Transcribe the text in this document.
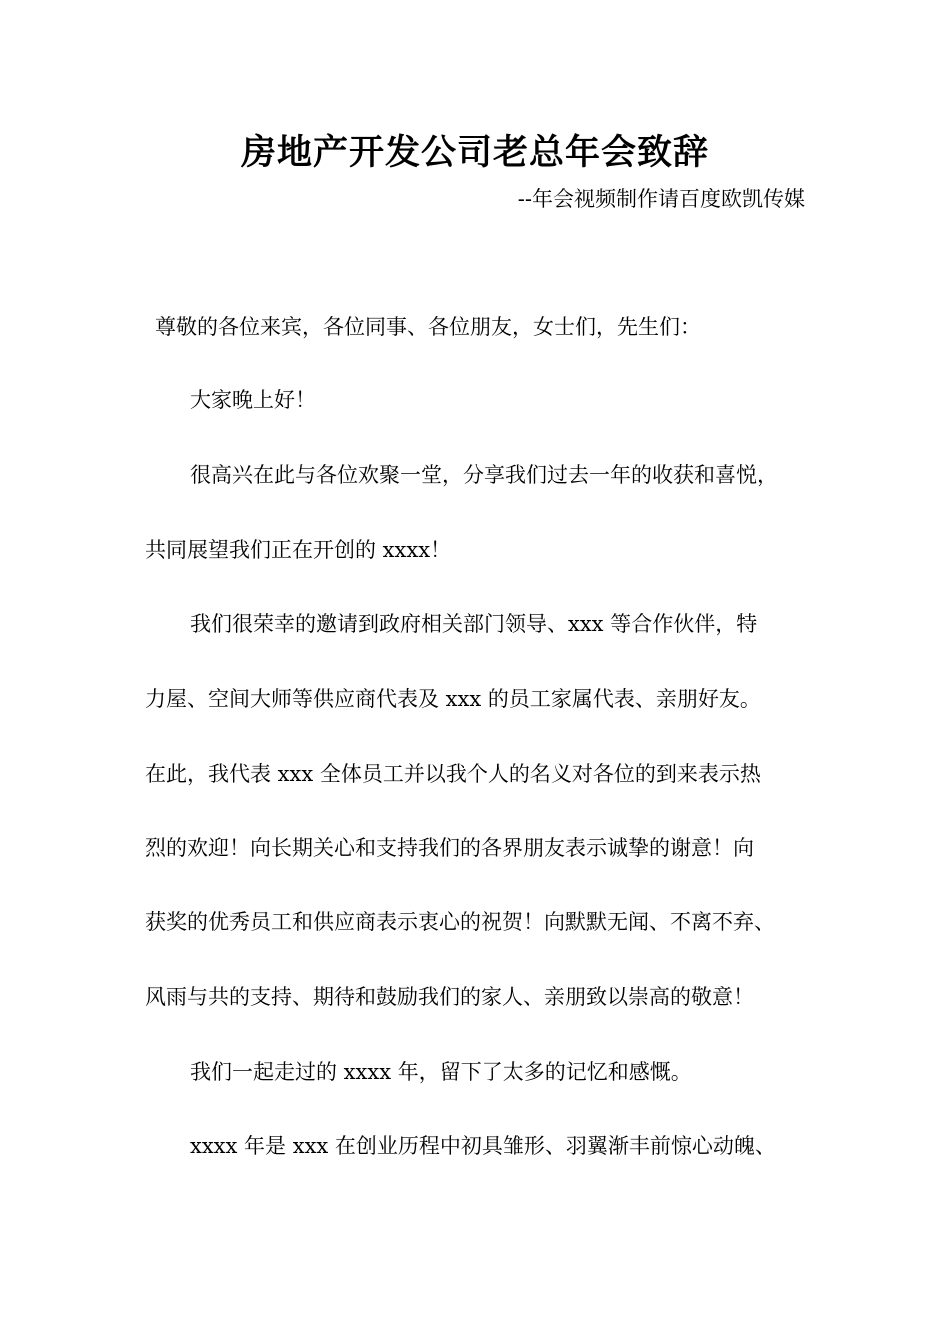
房地产开发公司老总年会致辞
--年会视频制作请百度欧凯传媒
尊敬的各位来宾，各位同事、各位朋友，女士们，先生们：
大家晚上好！
很高兴在此与各位欢聚一堂，分享我们过去一年的收获和喜悦，
共同展望我们正在开创的 xxxx！
我们很荣幸的邀请到政府相关部门领导、xxx 等合作伙伴，特
力屋、空间大师等供应商代表及 xxx 的员工家属代表、亲朋好友。
在此，我代表 xxx 全体员工并以我个人的名义对各位的到来表示热
烈的欢迎！向长期关心和支持我们的各界朋友表示诚挚的谢意！向
获奖的优秀员工和供应商表示衷心的祝贺！向默默无闻、不离不弃、
风雨与共的支持、期待和鼓励我们的家人、亲朋致以崇高的敬意！
我们一起走过的 xxxx 年，留下了太多的记忆和感慨。
xxxx 年是 xxx 在创业历程中初具雏形、羽翼渐丰前惊心动魄、
